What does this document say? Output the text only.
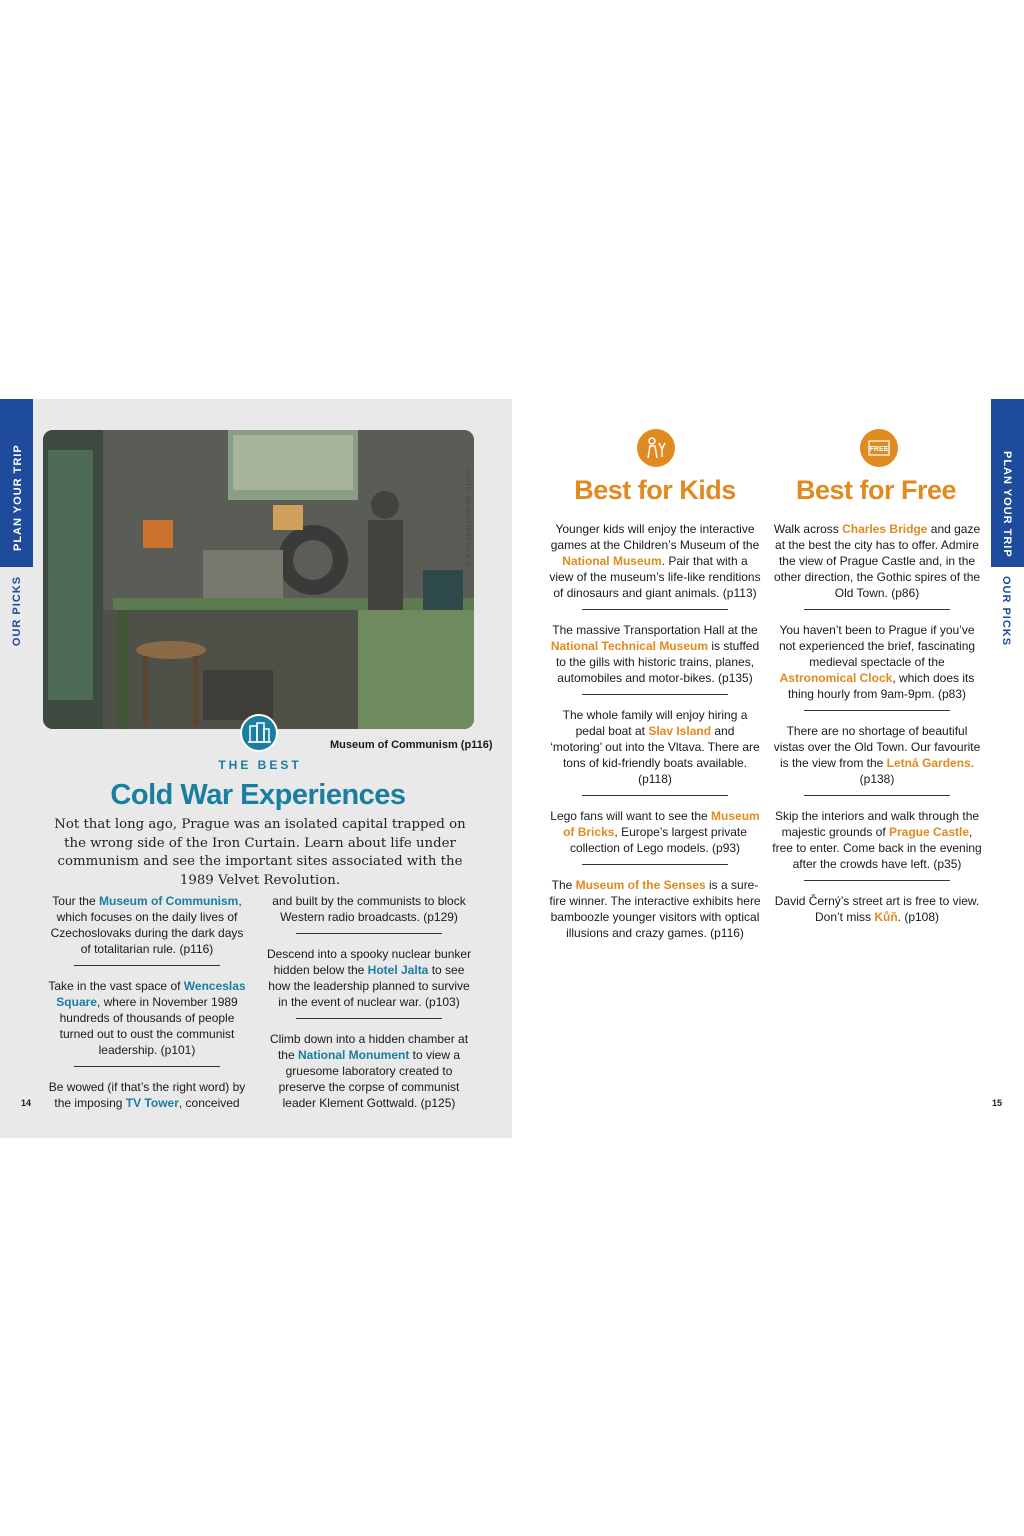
PLAN YOUR TRIP
OUR PICKS
PHOTO: OZ/SHUTTERSTOCK ©
Museum of Communism (p116)
THE BEST
Cold War Experiences
Not that long ago, Prague was an isolated capital trapped on the wrong side of the Iron Curtain. Learn about life under communism and see the important sites associated with the 1989 Velvet Revolution.

Tour the Museum of Communism, which focuses on the daily lives of Czechoslovaks during the dark days of totalitarian rule. (p116)

Take in the vast space of Wenceslas Square, where in November 1989 hundreds of thousands of people turned out to oust the communist leadership. (p101)

Be wowed (if that’s the right word) by the imposing TV Tower, conceived

and built by the communists to block Western radio broadcasts. (p129)

Descend into a spooky nuclear bunker hidden below the Hotel Jalta to see how the leadership planned to survive in the event of nuclear war. (p103)

Climb down into a hidden chamber at the National Monument to view a gruesome laboratory created to preserve the corpse of communist leader Klement Gottwald. (p125)

14
PLAN YOUR TRIP
OUR PICKS
Best for Kids
FREE
Best for Free

Younger kids will enjoy the interactive games at the Children’s Museum of the National Museum. Pair that with a view of the museum’s life-like renditions of dinosaurs and giant animals. (p113)

The massive Transportation Hall at the National Technical Museum is stuffed to the gills with historic trains, planes, automobiles and motor-bikes. (p135)

The whole family will enjoy hiring a pedal boat at Slav Island and ‘motoring’ out into the Vltava. There are tons of kid-friendly boats available. (p118)

Lego fans will want to see the Museum of Bricks, Europe’s largest private collection of Lego models. (p93)

The Museum of the Senses is a sure-fire winner. The interactive exhibits here bamboozle younger visitors with optical illusions and crazy games. (p116)

Walk across Charles Bridge and gaze at the best the city has to offer. Admire the view of Prague Castle and, in the other direction, the Gothic spires of the Old Town. (p86)

You haven’t been to Prague if you’ve not experienced the brief, fascinating medieval spectacle of the Astronomical Clock, which does its thing hourly from 9am-9pm. (p83)

There are no shortage of beautiful vistas over the Old Town. Our favourite is the view from the Letná Gardens. (p138)

Skip the interiors and walk through the majestic grounds of Prague Castle, free to enter. Come back in the evening after the crowds have left. (p35)

David Černý’s street art is free to view. Don’t miss Kůň. (p108)

15
